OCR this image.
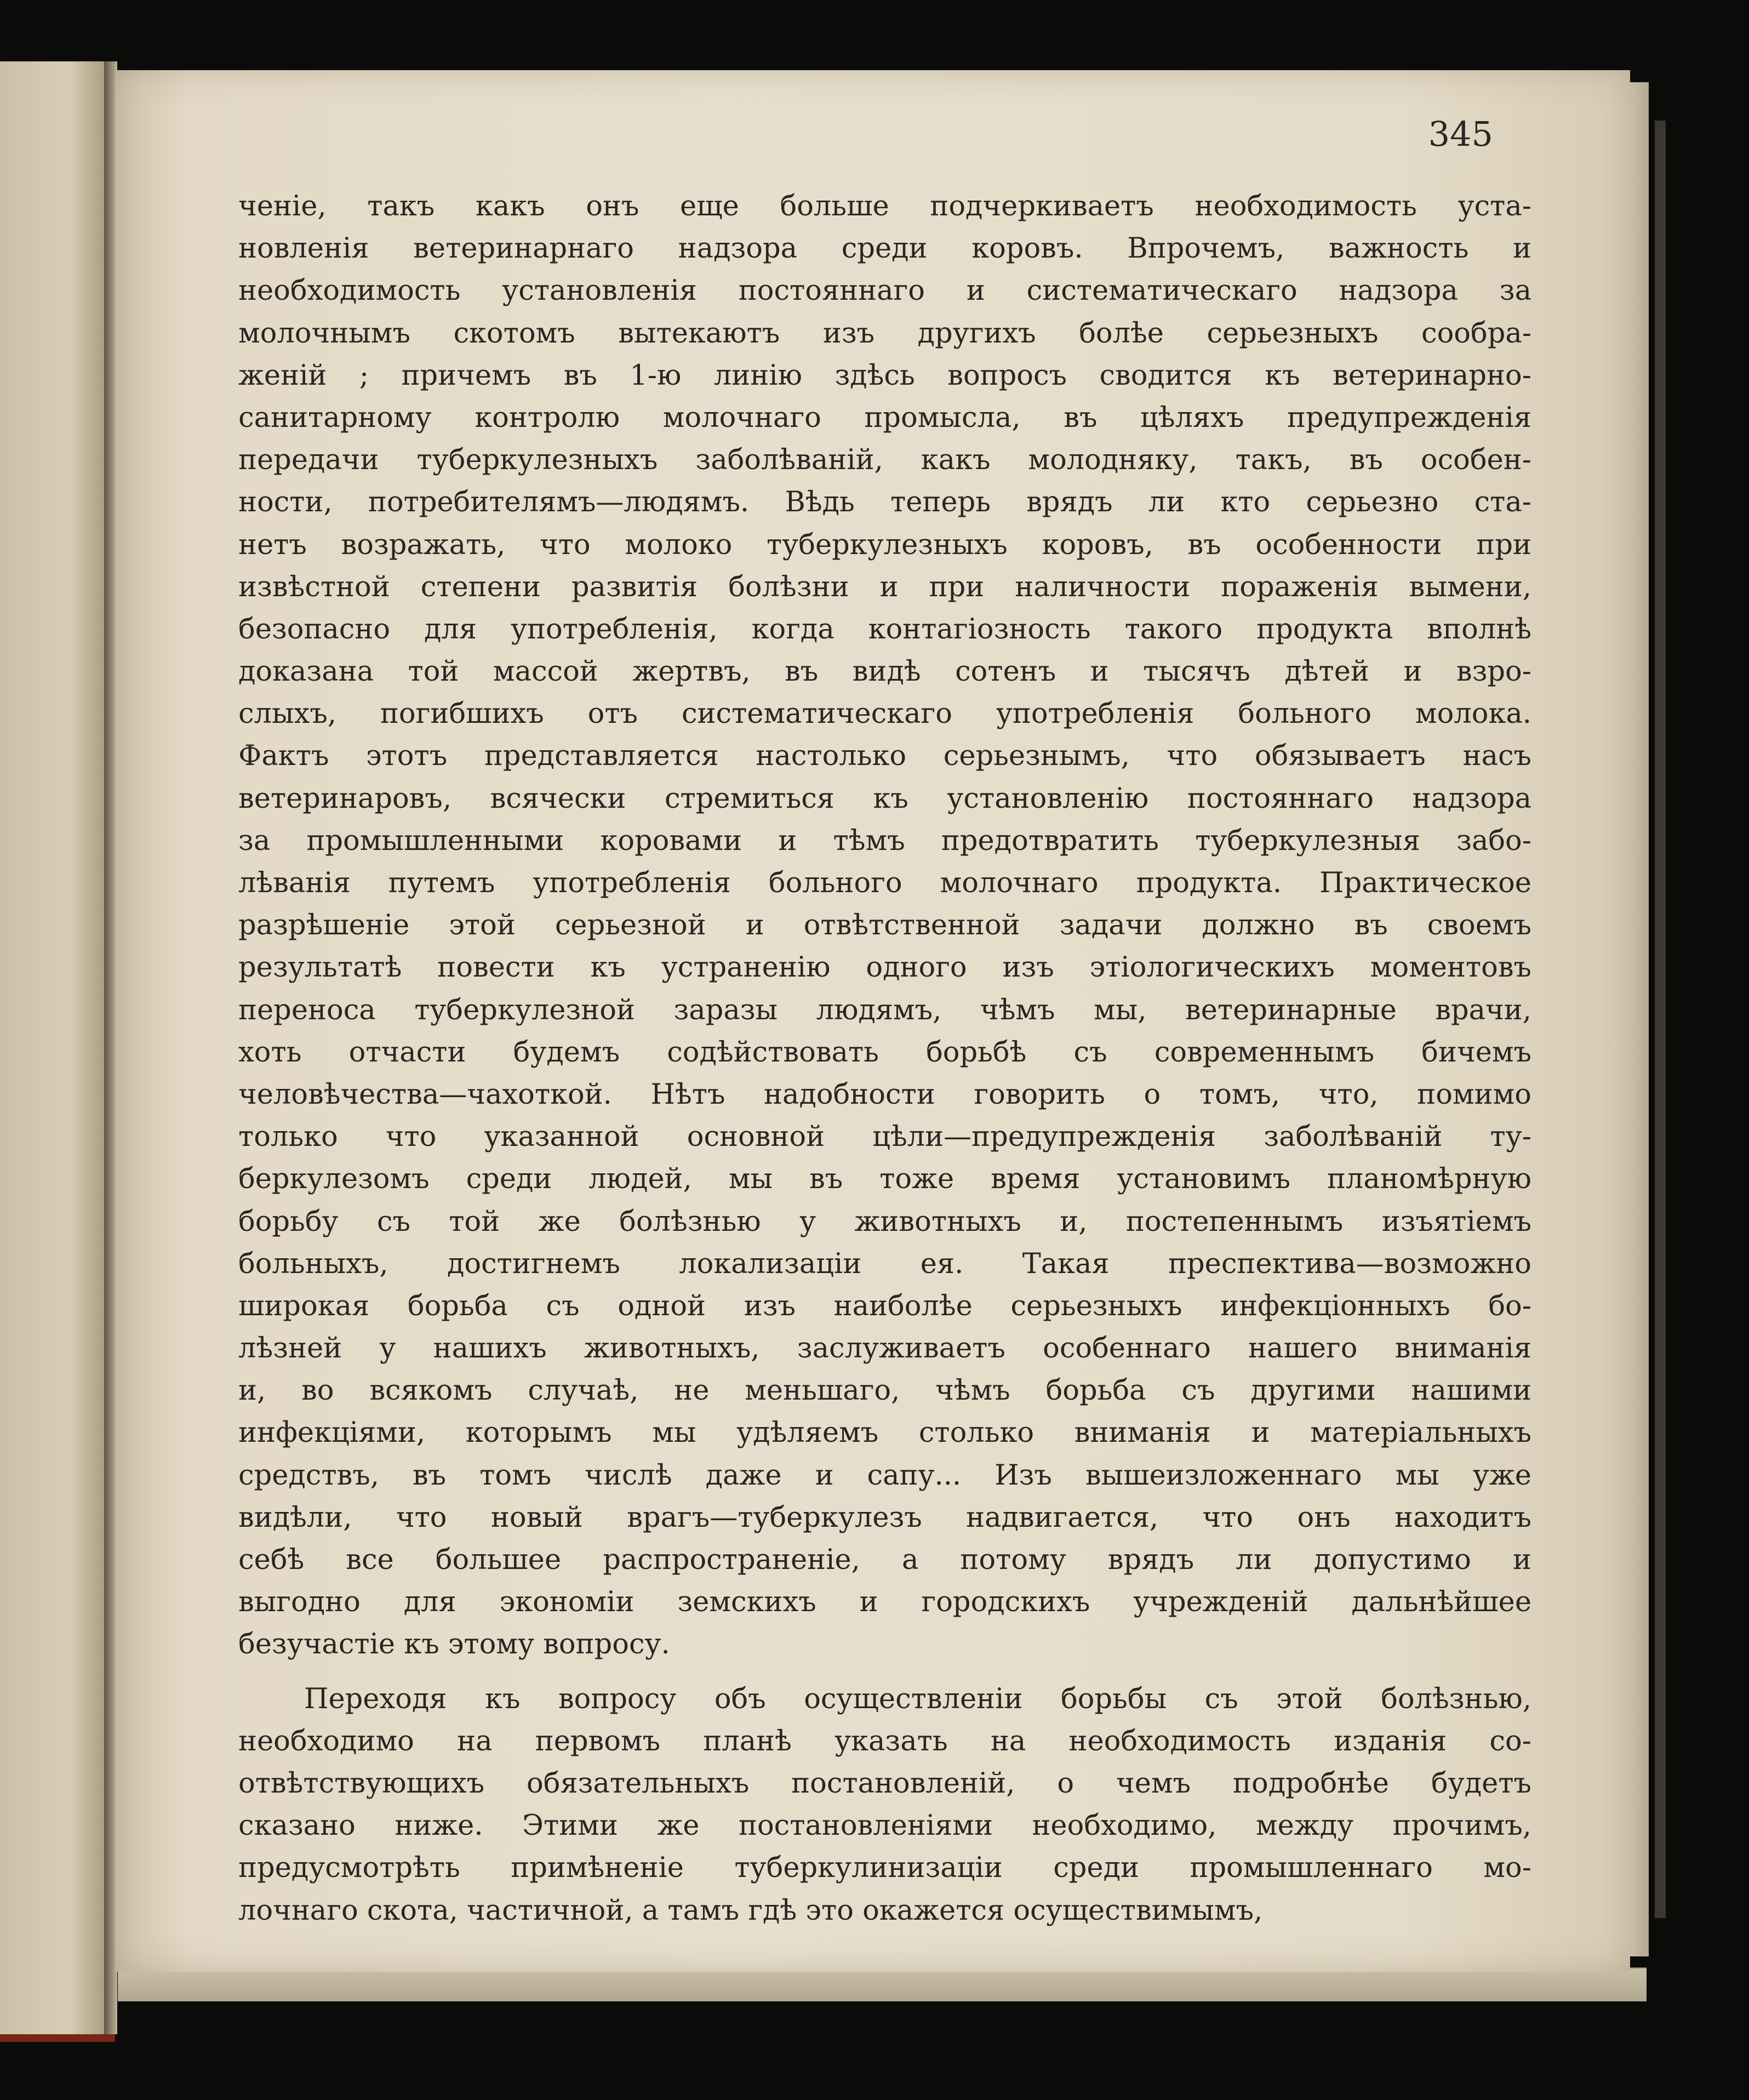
345
ченіе, такъ какъ онъ еще больше подчеркиваетъ необходимость уста-
новленія ветеринарнаго надзора среди коровъ. Впрочемъ, важность и
необходимость установленія постояннаго и систематическаго надзора за
молочнымъ скотомъ вытекаютъ изъ другихъ болѣе серьезныхъ сообра-
женій ; причемъ въ 1-ю линію здѣсь вопросъ сводится къ ветеринарно-
санитарному контролю молочнаго промысла, въ цѣляхъ предупрежденія
передачи туберкулезныхъ заболѣваній, какъ молодняку, такъ, въ особен-
ности, потребителямъ—людямъ. Вѣдь теперь врядъ ли кто серьезно ста-
нетъ возражать, что молоко туберкулезныхъ коровъ, въ особенности при
извѣстной степени развитія болѣзни и при наличности пораженія вымени,
безопасно для употребленія, когда контагіозность такого продукта вполнѣ
доказана той массой жертвъ, въ видѣ сотенъ и тысячъ дѣтей и взро-
слыхъ, погибшихъ отъ систематическаго употребленія больного молока.
Фактъ этотъ представляется настолько серьезнымъ, что обязываетъ насъ
ветеринаровъ, всячески стремиться къ установленію постояннаго надзора
за промышленными коровами и тѣмъ предотвратить туберкулезныя забо-
лѣванія путемъ употребленія больного молочнаго продукта. Практическое
разрѣшеніе этой серьезной и отвѣтственной задачи должно въ своемъ
результатѣ повести къ устраненію одного изъ этіологическихъ моментовъ
переноса туберкулезной заразы людямъ, чѣмъ мы, ветеринарные врачи,
хоть отчасти будемъ содѣйствовать борьбѣ съ современнымъ бичемъ
человѣчества—чахоткой. Нѣтъ надобности говорить о томъ, что, помимо
только что указанной основной цѣли—предупрежденія заболѣваній ту-
беркулезомъ среди людей, мы въ тоже время установимъ планомѣрную
борьбу съ той же болѣзнью у животныхъ и, постепеннымъ изъятіемъ
больныхъ, достигнемъ локализаціи ея. Такая преспектива—возможно
широкая борьба съ одной изъ наиболѣе серьезныхъ инфекціонныхъ бо-
лѣзней у нашихъ животныхъ, заслуживаетъ особеннаго нашего вниманія
и, во всякомъ случаѣ, не меньшаго, чѣмъ борьба съ другими нашими
инфекціями, которымъ мы удѣляемъ столько вниманія и матеріальныхъ
средствъ, въ томъ числѣ даже и сапу... Изъ вышеизложеннаго мы уже
видѣли, что новый врагъ—туберкулезъ надвигается, что онъ находитъ
себѣ все большее распространеніе, а потому врядъ ли допустимо и
выгодно для экономіи земскихъ и городскихъ учрежденій дальнѣйшее
безучастіе къ этому вопросу.
Переходя къ вопросу объ осуществленіи борьбы съ этой болѣзнью,
необходимо на первомъ планѣ указать на необходимость изданія со-
отвѣтствующихъ обязательныхъ постановленій, о чемъ подробнѣе будетъ
сказано ниже. Этими же постановленіями необходимо, между прочимъ,
предусмотрѣть примѣненіе туберкулинизаціи среди промышленнаго мо-
лочнаго скота, частичной, а тамъ гдѣ это окажется осуществимымъ,
